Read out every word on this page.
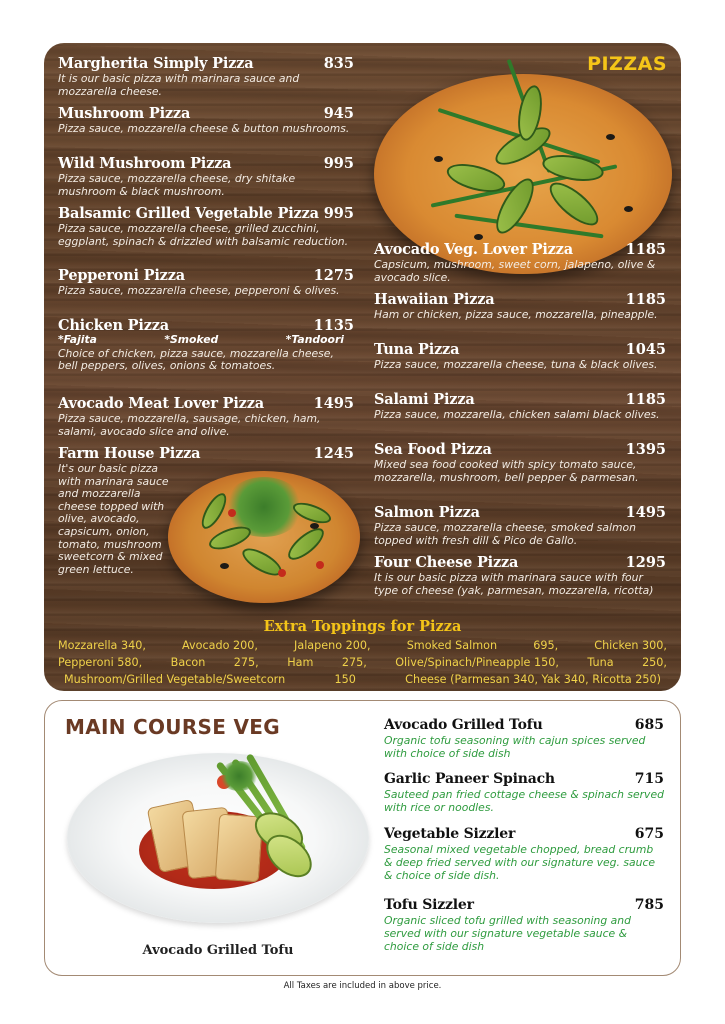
PIZZAS
Margherita Simply Pizza	835
It is our basic pizza with marinara sauce and mozzarella cheese.
Mushroom Pizza	945
Pizza sauce, mozzarella cheese & button mushrooms.
Wild Mushroom Pizza	995
Pizza sauce, mozzarella cheese, dry shitake mushroom & black mushroom.
Balsamic Grilled Vegetable Pizza 995
Pizza sauce, mozzarella cheese, grilled zucchini, eggplant, spinach & drizzled with balsamic reduction.
Pepperoni Pizza	1275
Pizza sauce, mozzarella cheese, pepperoni & olives.
Chicken Pizza	1135
*Fajita	*Smoked	*Tandoori
Choice of chicken, pizza sauce, mozzarella cheese, bell peppers, olives, onions & tomatoes.
Avocado Meat Lover Pizza	1495
Pizza sauce, mozzarella, sausage, chicken, ham, salami, avocado slice and olive.
Farm House Pizza	1245
It's our basic pizza with marinara sauce and mozzarella cheese topped with olive, avocado, capsicum, onion, tomato, mushroom sweetcorn & mixed green lettuce.
Avocado Veg. Lover Pizza	1185
Capsicum, mushroom, sweet corn, jalapeno, olive & avocado slice.
Hawaiian Pizza	1185
Ham or chicken, pizza sauce, mozzarella, pineapple.
Tuna Pizza	1045
Pizza sauce, mozzarella cheese, tuna & black olives.
Salami Pizza	1185
Pizza sauce, mozzarella, chicken salami black olives.
Sea Food Pizza	1395
Mixed sea food cooked with spicy tomato sauce, mozzarella, mushroom, bell pepper & parmesan.
Salmon Pizza	1495
Pizza sauce, mozzarella cheese, smoked salmon topped with fresh dill & Pico de Gallo.
Four Cheese Pizza	1295
It is our basic pizza with marinara sauce with four type of cheese (yak, parmesan, mozzarella, ricotta)
Extra Toppings for Pizza
Mozzarella 340,	Avocado 200,	Jalapeno 200,	Smoked Salmon	695,	Chicken 300,
Pepperoni 580,	Bacon	275,	Ham	275,	Olive/Spinach/Pineapple 150,	Tuna	250,
Mushroom/Grilled Vegetable/Sweetcorn	150	Cheese (Parmesan 340, Yak 340, Ricotta 250)
MAIN COURSE VEG
Avocado Grilled Tofu
Avocado Grilled Tofu	685
Organic tofu seasoning with cajun spices served with choice of side dish
Garlic Paneer Spinach	715
Sauteed pan fried cottage cheese & spinach served with rice or noodles.
Vegetable Sizzler	675
Seasonal mixed vegetable chopped, bread crumb & deep fried served with our signature veg. sauce & choice of side dish.
Tofu Sizzler	785
Organic sliced tofu grilled with seasoning and served with our signature vegetable sauce & choice of side dish
All Taxes are included in above price.
